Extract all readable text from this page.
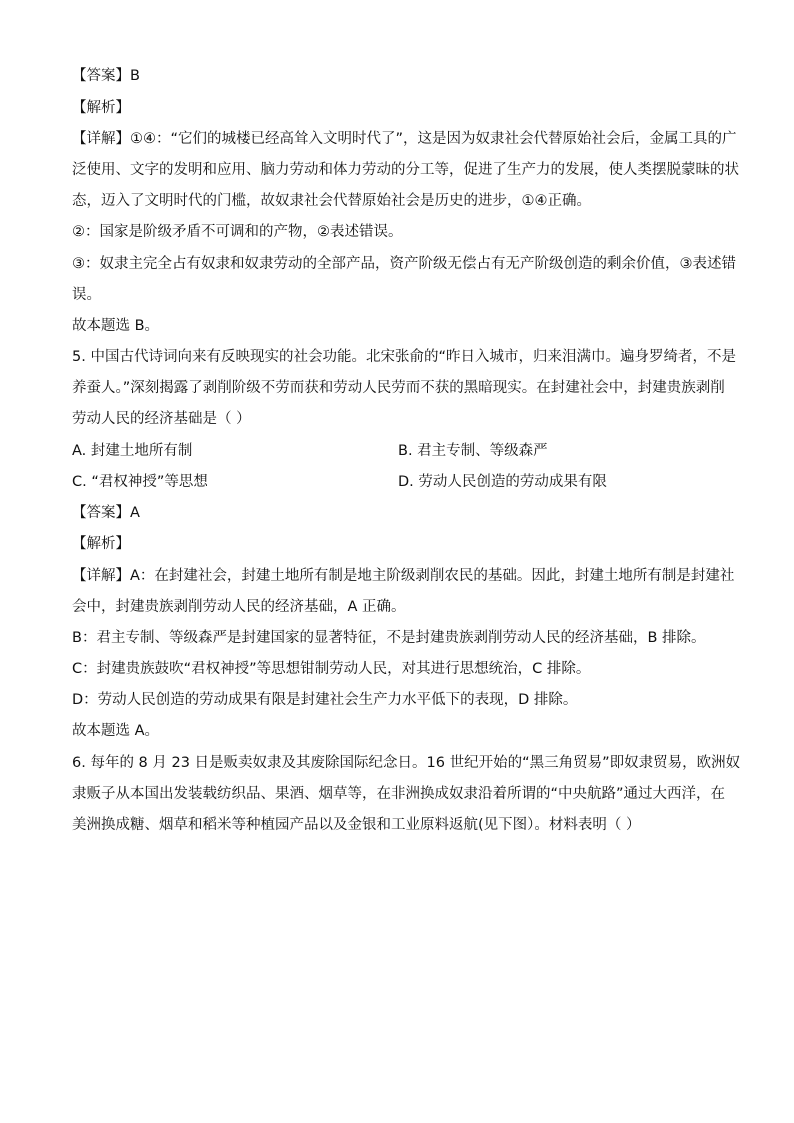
【答案】B
【解析】
【详解】①④：“它们的城楼已经高耸入文明时代了”，这是因为奴隶社会代替原始社会后，金属工具的广
泛使用、文字的发明和应用、脑力劳动和体力劳动的分工等，促进了生产力的发展，使人类摆脱蒙昧的状
态，迈入了文明时代的门槛，故奴隶社会代替原始社会是历史的进步，①④正确。
②：国家是阶级矛盾不可调和的产物，②表述错误。
③：奴隶主完全占有奴隶和奴隶劳动的全部产品，资产阶级无偿占有无产阶级创造的剩余价值，③表述错
误。
故本题选 B。
5. 中国古代诗词向来有反映现实的社会功能。北宋张俞的“昨日入城市，归来泪满巾。遍身罗绮者，不是
养蚕人。”深刻揭露了剥削阶级不劳而获和劳动人民劳而不获的黑暗现实。在封建社会中，封建贵族剥削
劳动人民的经济基础是（ ）
A. 封建土地所有制	B. 君主专制、等级森严
C. “君权神授”等思想	D. 劳动人民创造的劳动成果有限
【答案】A
【解析】
【详解】A：在封建社会，封建土地所有制是地主阶级剥削农民的基础。因此，封建土地所有制是封建社
会中，封建贵族剥削劳动人民的经济基础，A 正确。
B：君主专制、等级森严是封建国家的显著特征，不是封建贵族剥削劳动人民的经济基础，B 排除。
C：封建贵族鼓吹“君权神授”等思想钳制劳动人民，对其进行思想统治，C 排除。
D：劳动人民创造的劳动成果有限是封建社会生产力水平低下的表现，D 排除。
故本题选 A。
6. 每年的 8 月 23 日是贩卖奴隶及其废除国际纪念日。16 世纪开始的“黑三角贸易”即奴隶贸易，欧洲奴
隶贩子从本国出发装载纺织品、果酒、烟草等，在非洲换成奴隶沿着所谓的“中央航路”通过大西洋，在
美洲换成糖、烟草和稻米等种植园产品以及金银和工业原料返航(见下图）。材料表明（ ）
